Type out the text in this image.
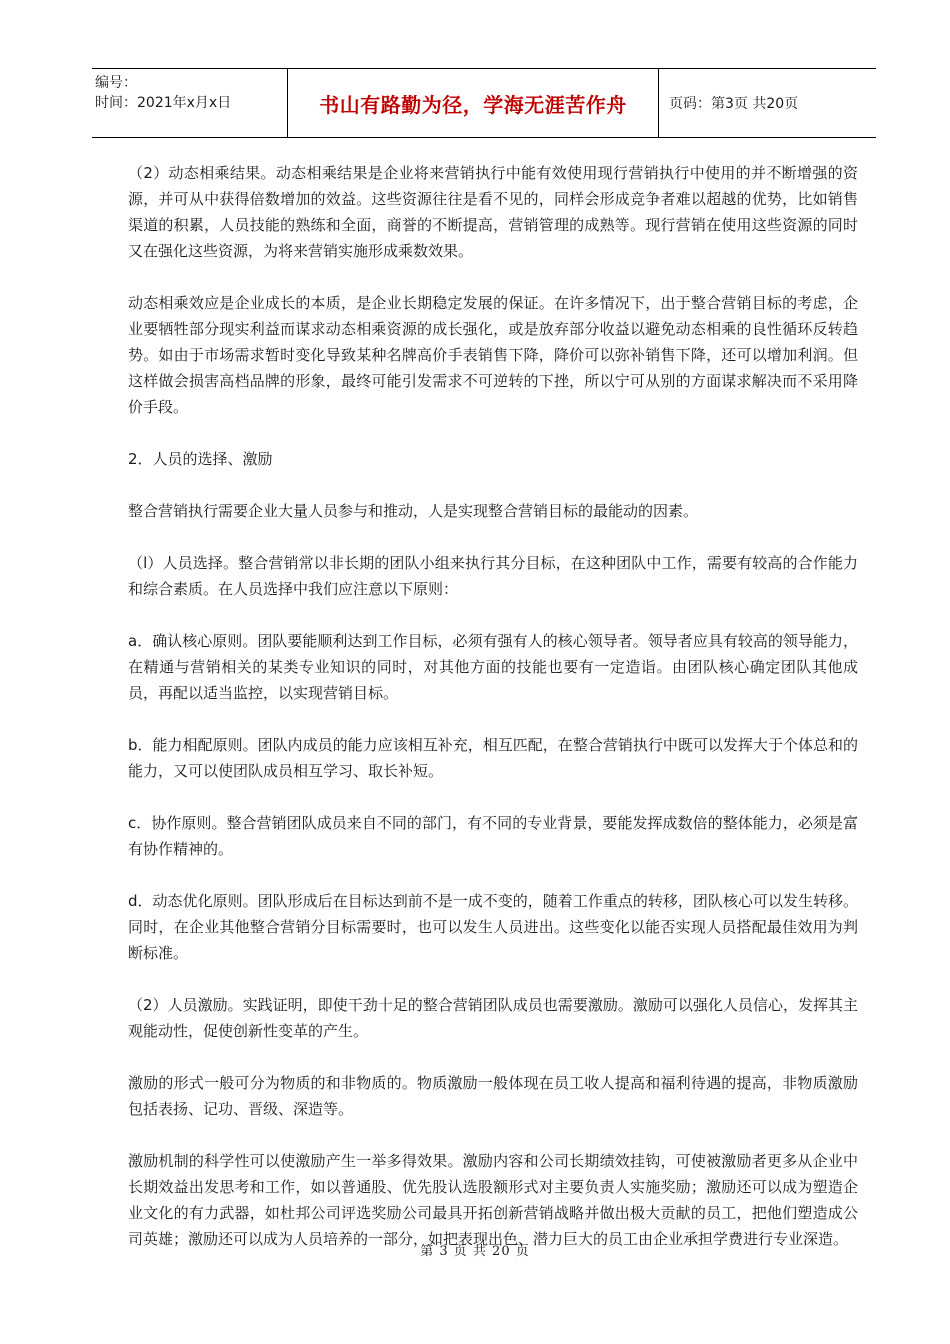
编号：
时间：2021年x月x日	书山有路勤为径，学海无涯苦作舟	页码：第3页 共20页

（2）动态相乘结果。动态相乘结果是企业将来营销执行中能有效使用现行营销执行中使用的并不断增强的资源，并可从中获得倍数增加的效益。这些资源往往是看不见的，同样会形成竞争者难以超越的优势，比如销售渠道的积累，人员技能的熟练和全面，商誉的不断提高，营销管理的成熟等。现行营销在使用这些资源的同时又在强化这些资源，为将来营销实施形成乘数效果。

动态相乘效应是企业成长的本质，是企业长期稳定发展的保证。在许多情况下，出于整合营销目标的考虑，企业要牺牲部分现实利益而谋求动态相乘资源的成长强化，或是放弃部分收益以避免动态相乘的良性循环反转趋势。如由于市场需求暂时变化导致某种名牌高价手表销售下降，降价可以弥补销售下降，还可以增加利润。但这样做会损害高档品牌的形象，最终可能引发需求不可逆转的下挫，所以宁可从别的方面谋求解决而不采用降价手段。

2．人员的选择、激励

整合营销执行需要企业大量人员参与和推动，人是实现整合营销目标的最能动的因素。

（l）人员选择。整合营销常以非长期的团队小组来执行其分目标，在这种团队中工作，需要有较高的合作能力和综合素质。在人员选择中我们应注意以下原则：

a．确认核心原则。团队要能顺利达到工作目标，必须有强有人的核心领导者。领导者应具有较高的领导能力，在精通与营销相关的某类专业知识的同时，对其他方面的技能也要有一定造诣。由团队核心确定团队其他成员，再配以适当监控，以实现营销目标。

b．能力相配原则。团队内成员的能力应该相互补充，相互匹配，在整合营销执行中既可以发挥大于个体总和的能力，又可以使团队成员相互学习、取长补短。

c．协作原则。整合营销团队成员来自不同的部门，有不同的专业背景，要能发挥成数倍的整体能力，必须是富有协作精神的。

d．动态优化原则。团队形成后在目标达到前不是一成不变的，随着工作重点的转移，团队核心可以发生转移。同时，在企业其他整合营销分目标需要时，也可以发生人员进出。这些变化以能否实现人员搭配最佳效用为判断标准。

（2）人员激励。实践证明，即使干劲十足的整合营销团队成员也需要激励。激励可以强化人员信心，发挥其主观能动性，促使创新性变革的产生。

激励的形式一般可分为物质的和非物质的。物质激励一般体现在员工收人提高和福利待遇的提高，非物质激励包括表扬、记功、晋级、深造等。

激励机制的科学性可以使激励产生一举多得效果。激励内容和公司长期绩效挂钩，可使被激励者更多从企业中长期效益出发思考和工作，如以普通股、优先股认选股额形式对主要负责人实施奖励；激励还可以成为塑造企业文化的有力武器，如杜邦公司评选奖励公司最具开拓创新营销战略并做出极大贡献的员工，把他们塑造成公司英雄；激励还可以成为人员培养的一部分，如把表现出色、潜力巨大的员工由企业承担学费进行专业深造。

第 3 页 共 20 页
